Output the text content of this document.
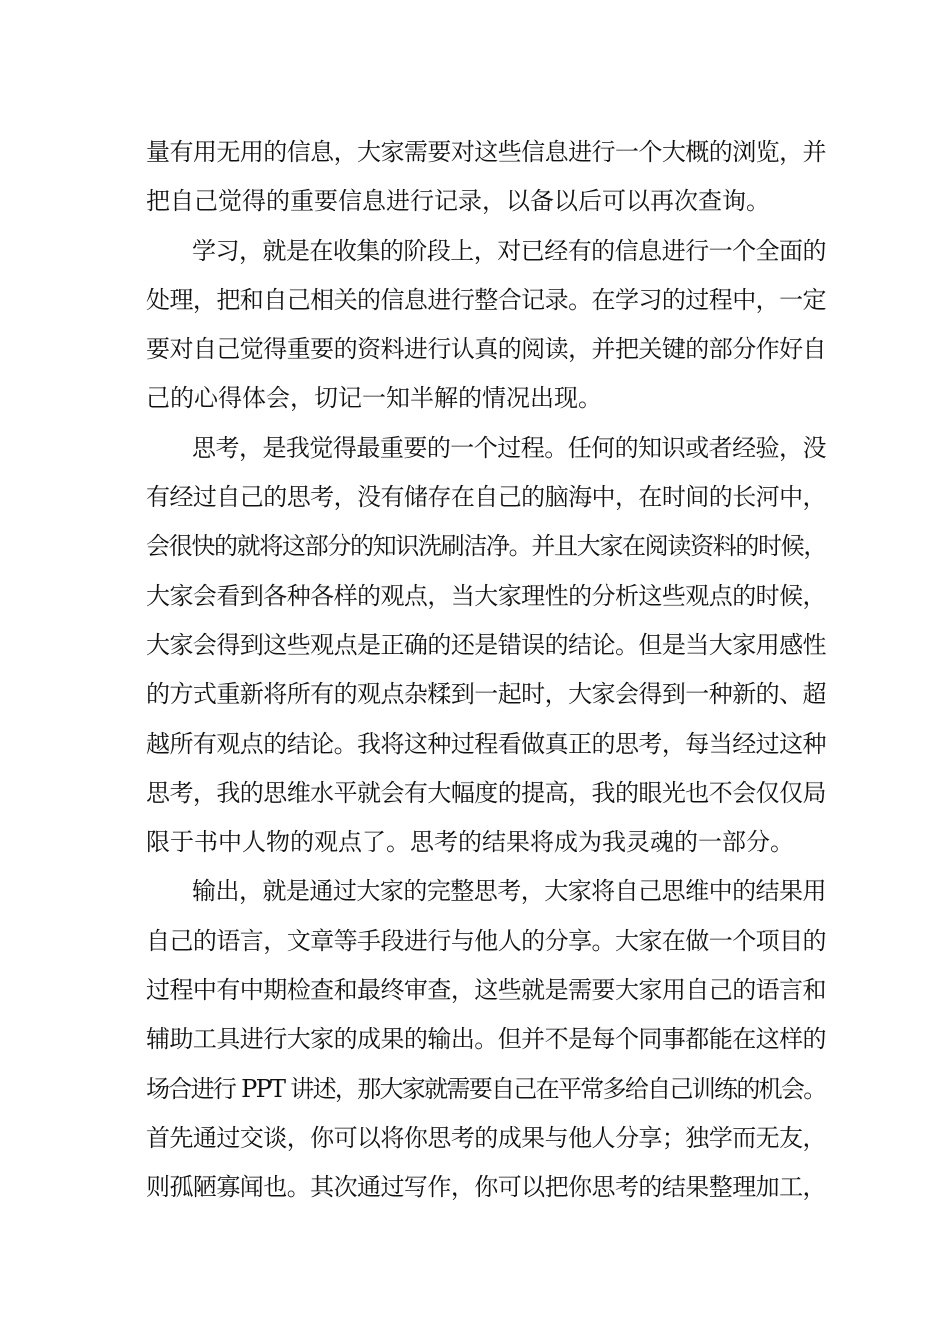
量有用无用的信息，大家需要对这些信息进行一个大概的浏览，并
把自己觉得的重要信息进行记录，以备以后可以再次查询。
学习，就是在收集的阶段上，对已经有的信息进行一个全面的
处理，把和自己相关的信息进行整合记录。在学习的过程中，一定
要对自己觉得重要的资料进行认真的阅读，并把关键的部分作好自
己的心得体会，切记一知半解的情况出现。
思考，是我觉得最重要的一个过程。任何的知识或者经验，没
有经过自己的思考，没有储存在自己的脑海中，在时间的长河中，
会很快的就将这部分的知识洗刷洁净。并且大家在阅读资料的时候，
大家会看到各种各样的观点，当大家理性的分析这些观点的时候，
大家会得到这些观点是正确的还是错误的结论。但是当大家用感性
的方式重新将所有的观点杂糅到一起时，大家会得到一种新的、超
越所有观点的结论。我将这种过程看做真正的思考，每当经过这种
思考，我的思维水平就会有大幅度的提高，我的眼光也不会仅仅局
限于书中人物的观点了。思考的结果将成为我灵魂的一部分。
输出，就是通过大家的完整思考，大家将自己思维中的结果用
自己的语言，文章等手段进行与他人的分享。大家在做一个项目的
过程中有中期检查和最终审查，这些就是需要大家用自己的语言和
辅助工具进行大家的成果的输出。但并不是每个同事都能在这样的
场合进行 PPT 讲述，那大家就需要自己在平常多给自己训练的机会。
首先通过交谈，你可以将你思考的成果与他人分享；独学而无友，
则孤陋寡闻也。其次通过写作，你可以把你思考的结果整理加工，
